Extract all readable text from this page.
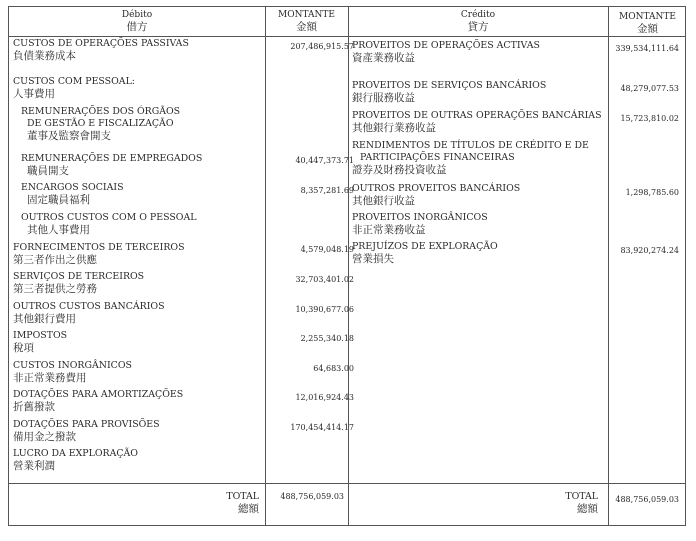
Débito
借方
MONTANTE
金額
Crédito
貸方
MONTANTE
金額
CUSTOS DE OPERAÇÕES PASSIVAS
負債業務成本
207,486,915.57
CUSTOS COM PESSOAL:
人事費用
REMUNERAÇÕES DOS ÓRGÃOS
DE GESTÃO E FISCALIZAÇÃO
董事及監察會開支
REMUNERAÇÕES DE EMPREGADOS
職員開支
40,447,373.71
ENCARGOS SOCIAIS
固定職員福利
8,357,281.69
OUTROS CUSTOS COM O PESSOAL
其他人事費用
FORNECIMENTOS DE TERCEIROS
第三者作出之供應
4,579,048.19
SERVIÇOS DE TERCEIROS
第三者提供之勞務
32,703,401.02
OUTROS CUSTOS BANCÁRIOS
其他銀行費用
10,390,677.06
IMPOSTOS
稅項
2,255,340.18
CUSTOS INORGÂNICOS
非正常業務費用
64,683.00
DOTAÇÕES PARA AMORTIZAÇÕES
折舊撥款
12,016,924.43
DOTAÇÕES PARA PROVISÕES
備用金之撥款
170,454,414.17
LUCRO DA EXPLORAÇÃO
營業利潤
TOTAL
總額
488,756,059.03
PROVEITOS DE OPERAÇÕES ACTIVAS
資產業務收益
339,534,111.64
PROVEITOS DE SERVIÇOS BANCÁRIOS
銀行服務收益
48,279,077.53
PROVEITOS DE OUTRAS OPERAÇÕES BANCÁRIAS
其他銀行業務收益
15,723,810.02
RENDIMENTOS DE TÍTULOS DE CRÉDITO E DE
PARTICIPAÇÕES FINANCEIRAS
證券及財務投資收益
OUTROS PROVEITOS BANCÁRIOS
其他銀行收益
1,298,785.60
PROVEITOS INORGÂNICOS
非正常業務收益
PREJUÍZOS DE EXPLORAÇÃO
營業損失
83,920,274.24
TOTAL
總額
488,756,059.03
